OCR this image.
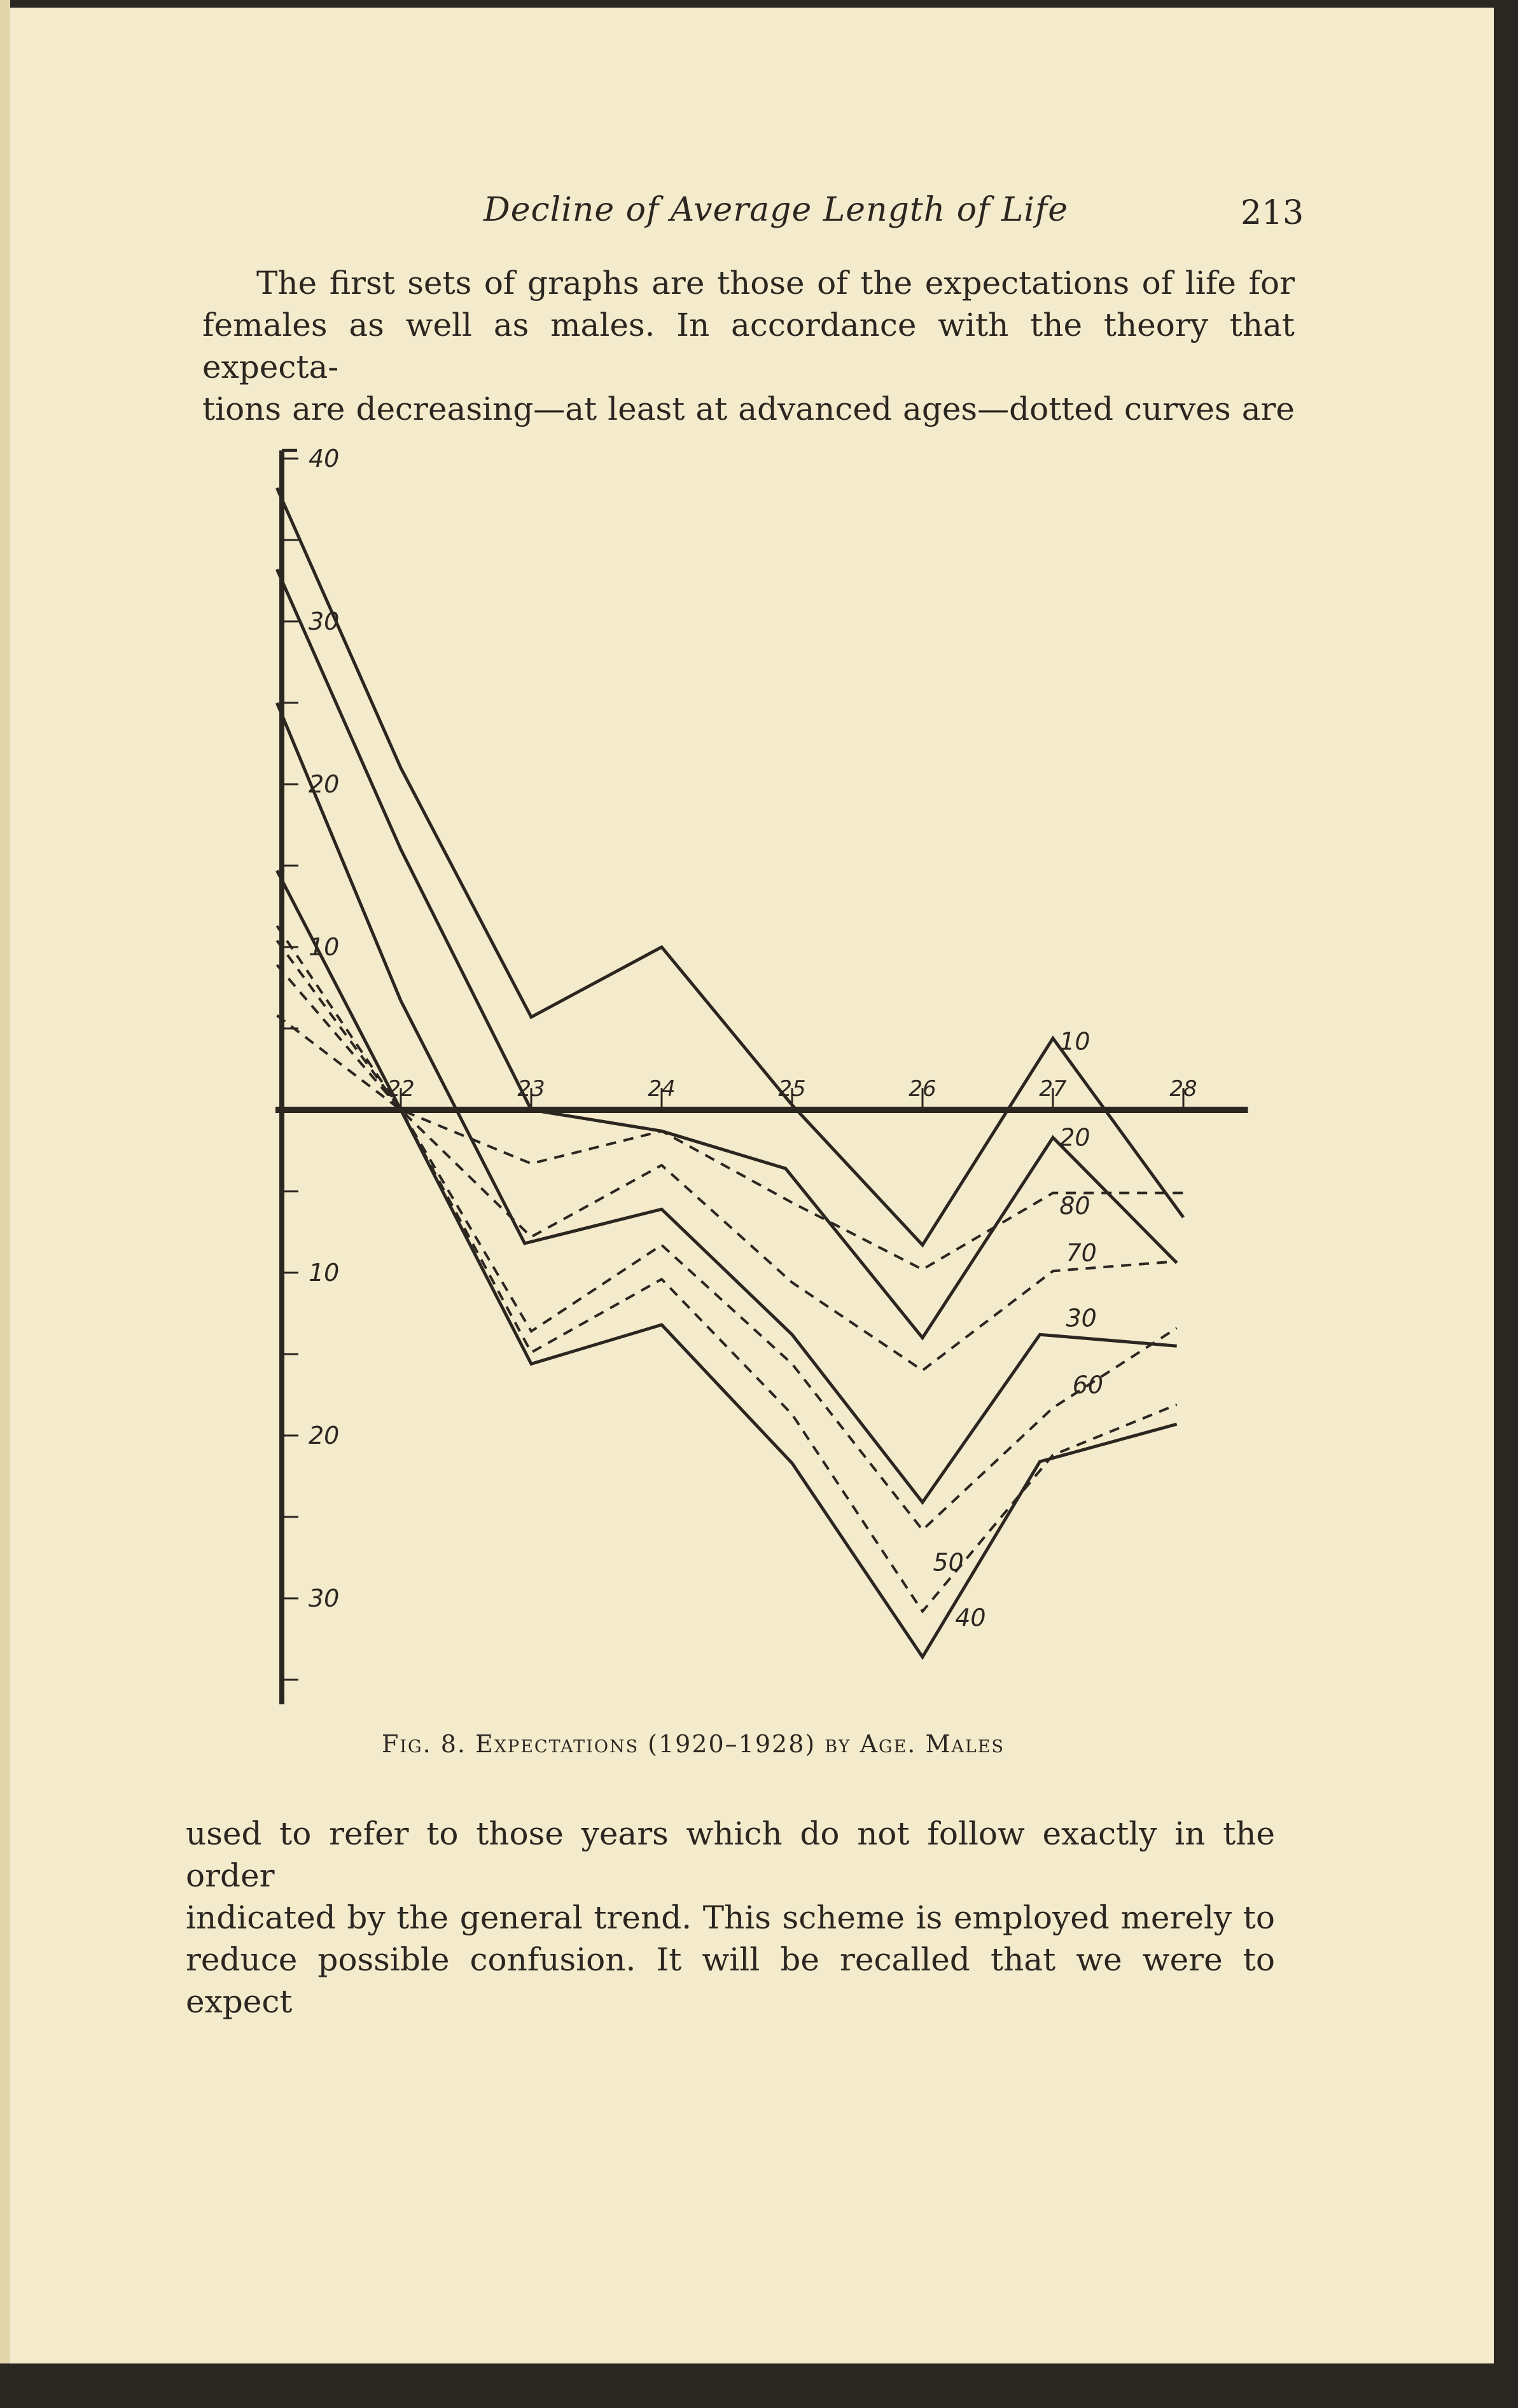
Decline of Average Length of Life	213
The first sets of graphs are those of the expectations of life for
females as well as males. In accordance with the theory that expecta-
tions are decreasing—at least at advanced ages—dotted curves are
40
30
20
10
10
20
30
22	23	24	25	26	27	28
10
20
30
40
50
60
70
80
Fig. 8. Expectations (1920–1928) by Age. Males
used to refer to those years which do not follow exactly in the order
indicated by the general trend. This scheme is employed merely to
reduce possible confusion. It will be recalled that we were to expect
